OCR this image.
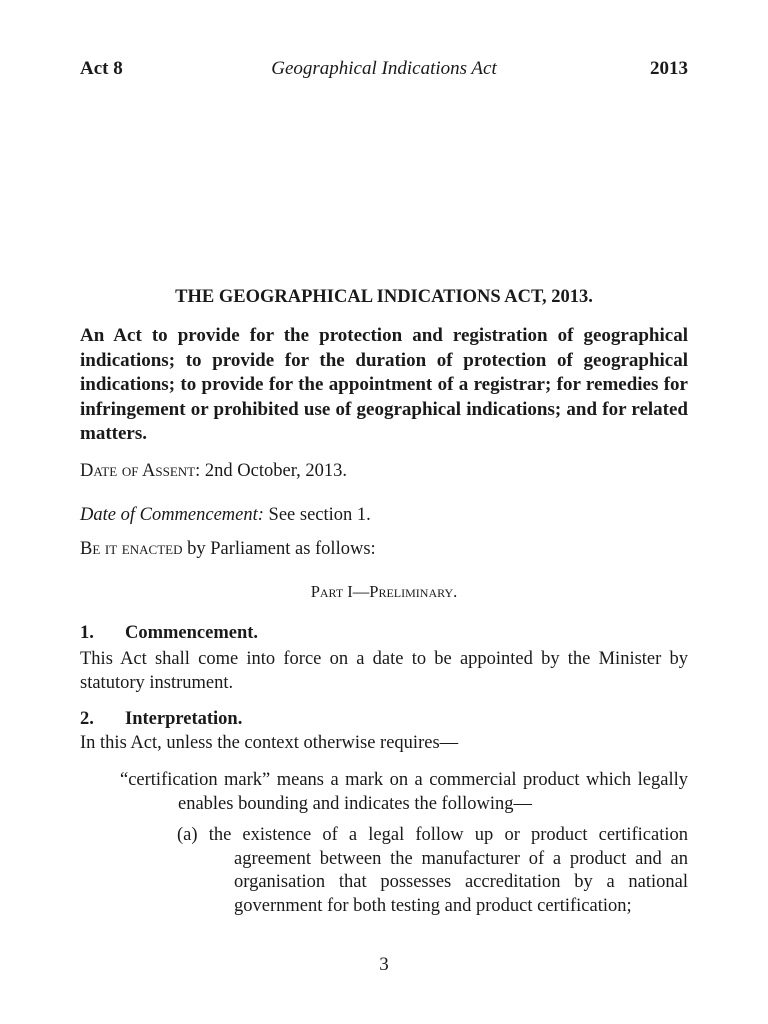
Act 8	Geographical Indications Act	2013
THE GEOGRAPHICAL INDICATIONS ACT, 2013.
An Act to provide for the protection and registration of geographical indications; to provide for the duration of protection of geographical indications; to provide for the appointment of a registrar; for remedies for infringement or prohibited use of geographical indications; and for related matters.
Date of Assent: 2nd October, 2013.
Date of Commencement: See section 1.
Be it enacted by Parliament as follows:
Part I—Preliminary.
1. Commencement.
This Act shall come into force on a date to be appointed by the Minister by statutory instrument.
2. Interpretation.
In this Act, unless the context otherwise requires—
“certification mark” means a mark on a commercial product which legally enables bounding and indicates the following—
(a) the existence of a legal follow up or product certification agreement between the manufacturer of a product and an organisation that possesses accreditation by a national government for both testing and product certification;
3
